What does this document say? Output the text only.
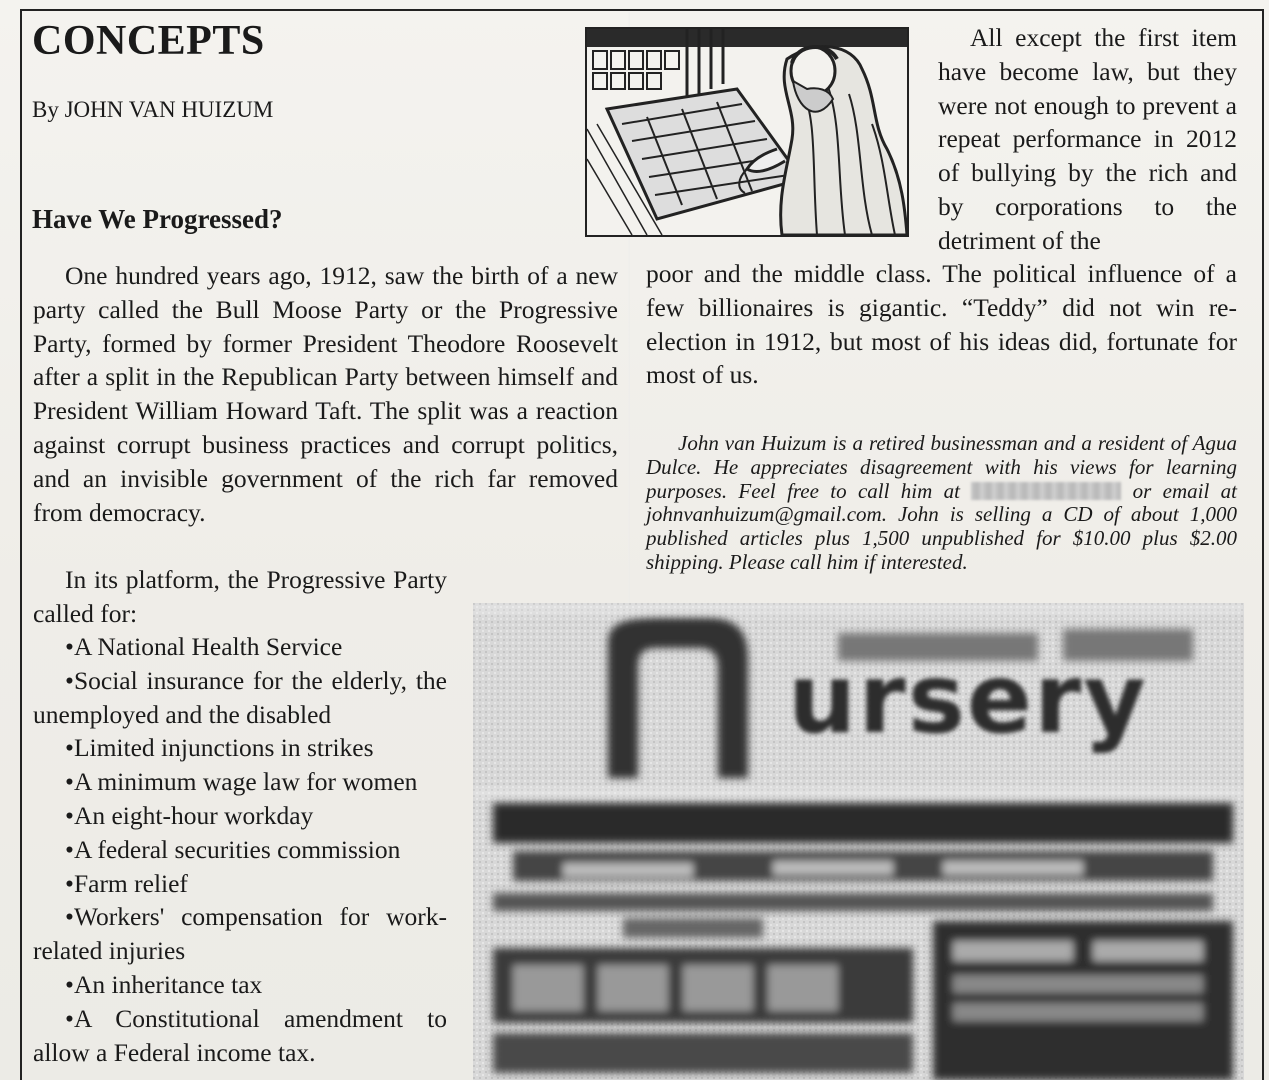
CONCEPTS
By JOHN VAN HUIZUM
Have We Progressed?

One hundred years ago, 1912, saw the birth of a new party called the Bull Moose Party or the Progressive Party, formed by former President Theodore Roosevelt after a split in the Republican Party between himself and President William Howard Taft. The split was a reaction against corrupt business practices and corrupt politics, and an invisible government of the rich far removed from democracy.

In its platform, the Progressive Party called for:

• A National Health Service
• Social insurance for the elderly, the unemployed and the disabled
• Limited injunctions in strikes
• A minimum wage law for women
• An eight-hour workday
• A federal securities commission
• Farm relief
• Workers' compensation for work-related injuries
• An inheritance tax
• A Constitutional amendment to allow a Federal income tax.

All except the first item have become law, but they were not enough to prevent a repeat performance in 2012 of bullying by the rich and by corporations to the detriment of the

poor and the middle class. The political influence of a few billionaires is gigantic. “Teddy” did not win re-election in 1912, but most of his ideas did, fortunate for most of us.

John van Huizum is a retired businessman and a resident of Agua Dulce. He appreciates disagreement with his views for learning purposes. Feel free to call him at	or email at johnvanhuizum@gmail.com. John is selling a CD of about 1,000 published articles plus 1,500 unpublished for $10.00 plus $2.00 shipping. Please call him if interested.

ursery
